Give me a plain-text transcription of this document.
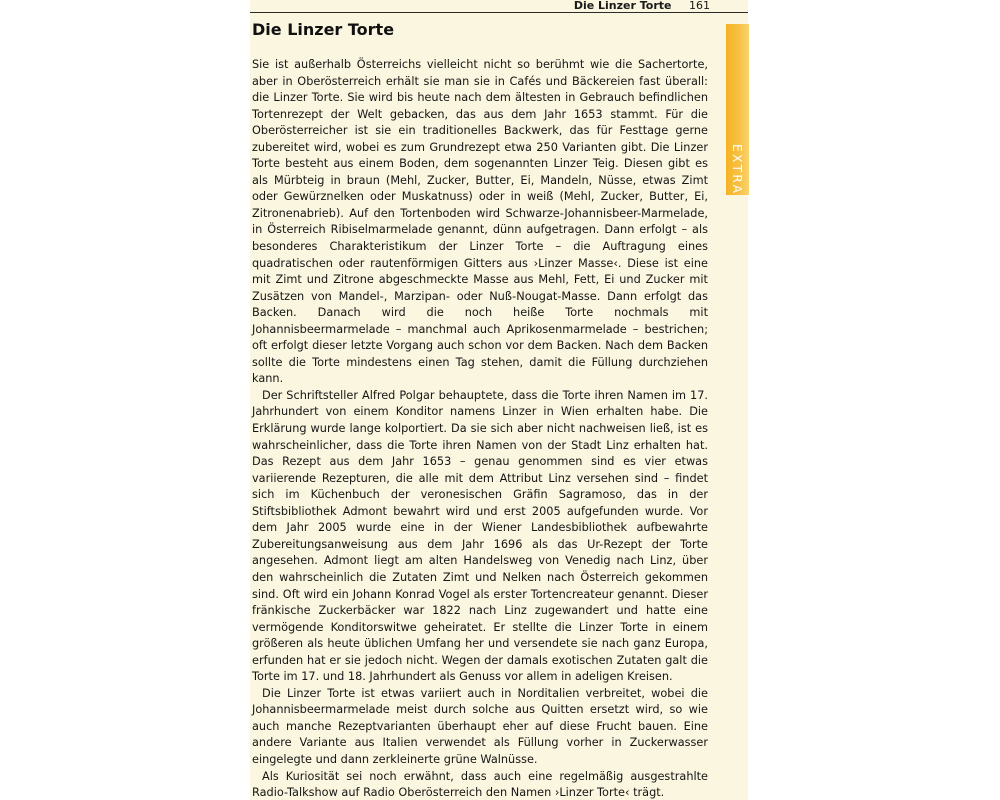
Die Linzer Torte 161
Die Linzer Torte

Sie ist außerhalb Österreichs vielleicht nicht so berühmt wie die Sachertorte, aber in Oberösterreich erhält sie man sie in Cafés und Bäckereien fast überall: die Linzer Torte. Sie wird bis heute nach dem ältesten in Gebrauch befindlichen Tortenrezept der Welt gebacken, das aus dem Jahr 1653 stammt. Für die Oberösterreicher ist sie ein traditionelles Backwerk, das für Festtage gerne zubereitet wird, wobei es zum Grundrezept etwa 250 Varianten gibt. Die Linzer Torte besteht aus einem Boden, dem sogenannten Linzer Teig. Diesen gibt es als Mürbteig in braun (Mehl, Zucker, Butter, Ei, Mandeln, Nüsse, etwas Zimt oder Gewürznelken oder Muskatnuss) oder in weiß (Mehl, Zucker, Butter, Ei, Zitronenabrieb). Auf den Tortenboden wird Schwarze-Johannisbeer-Marmelade, in Österreich Ribiselmarmelade genannt, dünn aufgetragen. Dann erfolgt – als besonderes Charakteristikum der Linzer Torte – die Auftragung eines quadratischen oder rautenförmigen Gitters aus ›Linzer Masse‹. Diese ist eine mit Zimt und Zitrone abgeschmeckte Masse aus Mehl, Fett, Ei und Zucker mit Zusätzen von Mandel-, Marzipan- oder Nuß-Nougat-Masse. Dann erfolgt das Backen. Danach wird die noch heiße Torte nochmals mit Johannisbeermarmelade – manchmal auch Aprikosenmarmelade – bestrichen; oft erfolgt dieser letzte Vorgang auch schon vor dem Backen. Nach dem Backen sollte die Torte mindestens einen Tag stehen, damit die Füllung durchziehen kann.

Der Schriftsteller Alfred Polgar behauptete, dass die Torte ihren Namen im 17. Jahrhundert von einem Konditor namens Linzer in Wien erhalten habe. Die Erklärung wurde lange kolportiert. Da sie sich aber nicht nachweisen ließ, ist es wahrscheinlicher, dass die Torte ihren Namen von der Stadt Linz erhalten hat. Das Rezept aus dem Jahr 1653 – genau genommen sind es vier etwas variierende Rezepturen, die alle mit dem Attribut Linz versehen sind – findet sich im Küchenbuch der veronesischen Gräfin Sagramoso, das in der Stiftsbibliothek Admont bewahrt wird und erst 2005 aufgefunden wurde. Vor dem Jahr 2005 wurde eine in der Wiener Landesbibliothek aufbewahrte Zubereitungsanweisung aus dem Jahr 1696 als das Ur-Rezept der Torte angesehen. Admont liegt am alten Handelsweg von Venedig nach Linz, über den wahrscheinlich die Zutaten Zimt und Nelken nach Österreich gekommen sind. Oft wird ein Johann Konrad Vogel als erster Tortencreateur genannt. Dieser fränkische Zuckerbäcker war 1822 nach Linz zugewandert und hatte eine vermögende Konditorswitwe geheiratet. Er stellte die Linzer Torte in einem größeren als heute üblichen Umfang her und versendete sie nach ganz Europa, erfunden hat er sie jedoch nicht. Wegen der damals exotischen Zutaten galt die Torte im 17. und 18. Jahrhundert als Genuss vor allem in adeligen Kreisen.

Die Linzer Torte ist etwas variiert auch in Norditalien verbreitet, wobei die Johannisbeermarmelade meist durch solche aus Quitten ersetzt wird, so wie auch manche Rezeptvarianten überhaupt eher auf diese Frucht bauen. Eine andere Variante aus Italien verwendet als Füllung vorher in Zuckerwasser eingelegte und dann zerkleinerte grüne Walnüsse.

Als Kuriosität sei noch erwähnt, dass auch eine regelmäßig ausgestrahlte Radio-Talkshow auf Radio Oberösterreich den Namen ›Linzer Torte‹ trägt.

EXTRA
